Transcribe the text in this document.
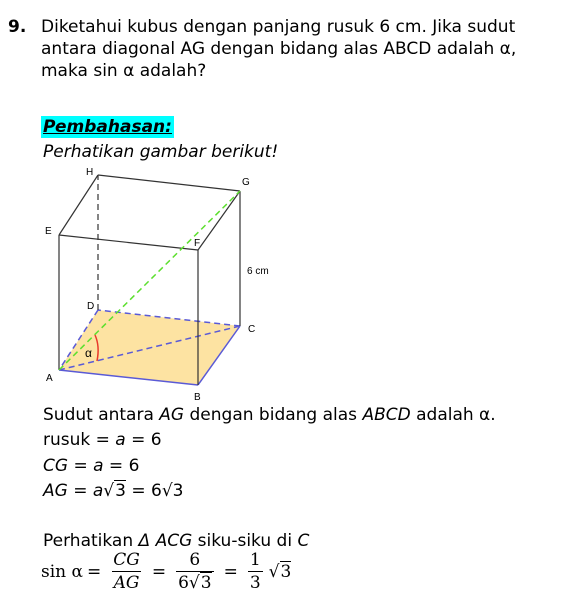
9. Diketahui kubus dengan panjang rusuk 6 cm. Jika sudut antara diagonal AG dengan bidang alas ABCD adalah α, maka sin α adalah?
Pembahasan:
Perhatikan gambar berikut!
A
B
C
D
E
F
G
H
α
6 cm
Sudut antara AG dengan bidang alas ABCD adalah α.
rusuk = a = 6
CG = a = 6
AG = a√3 = 6√3
Perhatikan Δ ACG siku-siku di C
$\sin \alpha = \frac{CG}{AG} = \frac{6}{6√3} = \frac{1}{3}$ √ 3
